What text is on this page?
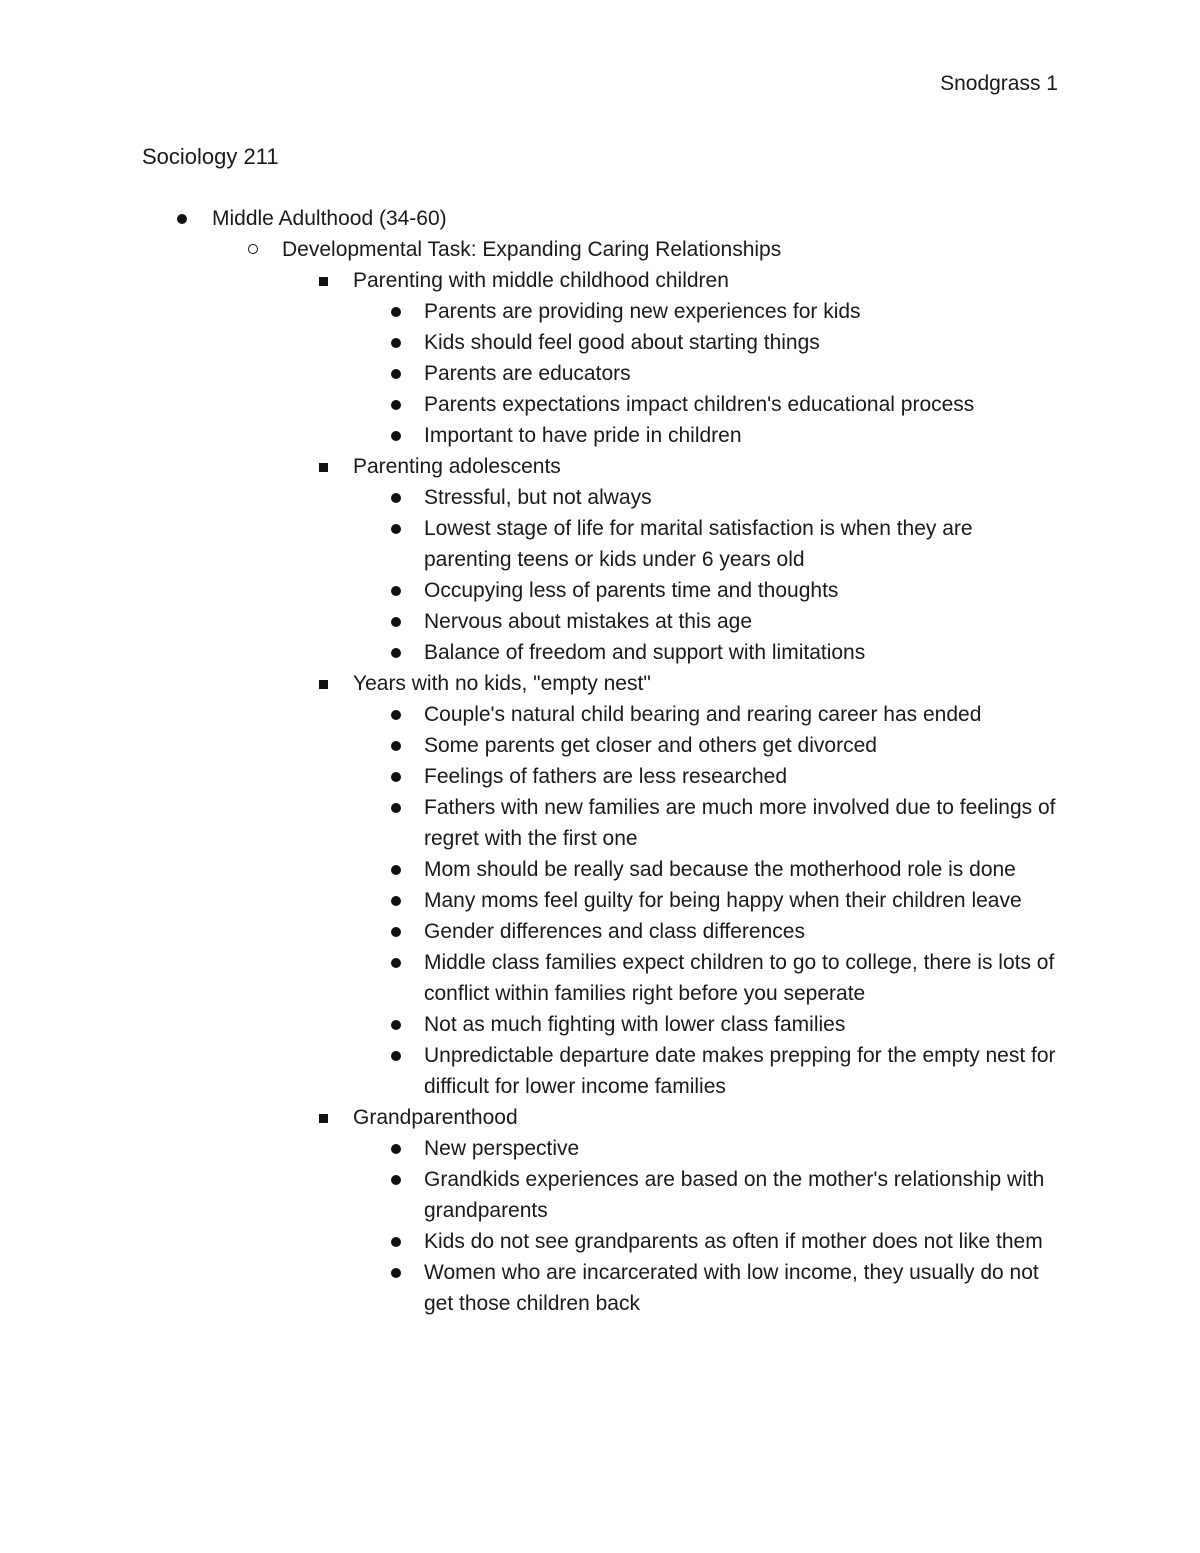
Snodgrass 1
Sociology 211
Middle Adulthood (34-60)
Developmental Task: Expanding Caring Relationships
Parenting with middle childhood children
Parents are providing new experiences for kids
Kids should feel good about starting things
Parents are educators
Parents expectations impact children's educational process
Important to have pride in children
Parenting adolescents
Stressful, but not always
Lowest stage of life for marital satisfaction is when they are parenting teens or kids under 6 years old
Occupying less of parents time and thoughts
Nervous about mistakes at this age
Balance of freedom and support with limitations
Years with no kids, "empty nest"
Couple's natural child bearing and rearing career has ended
Some parents get closer and others get divorced
Feelings of fathers are less researched
Fathers with new families are much more involved due to feelings of regret with the first one
Mom should be really sad because the motherhood role is done
Many moms feel guilty for being happy when their children leave
Gender differences and class differences
Middle class families expect children to go to college, there is lots of conflict within families right before you seperate
Not as much fighting with lower class families
Unpredictable departure date makes prepping for the empty nest for difficult for lower income families
Grandparenthood
New perspective
Grandkids experiences are based on the mother's relationship with grandparents
Kids do not see grandparents as often if mother does not like them
Women who are incarcerated with low income, they usually do not get those children back
